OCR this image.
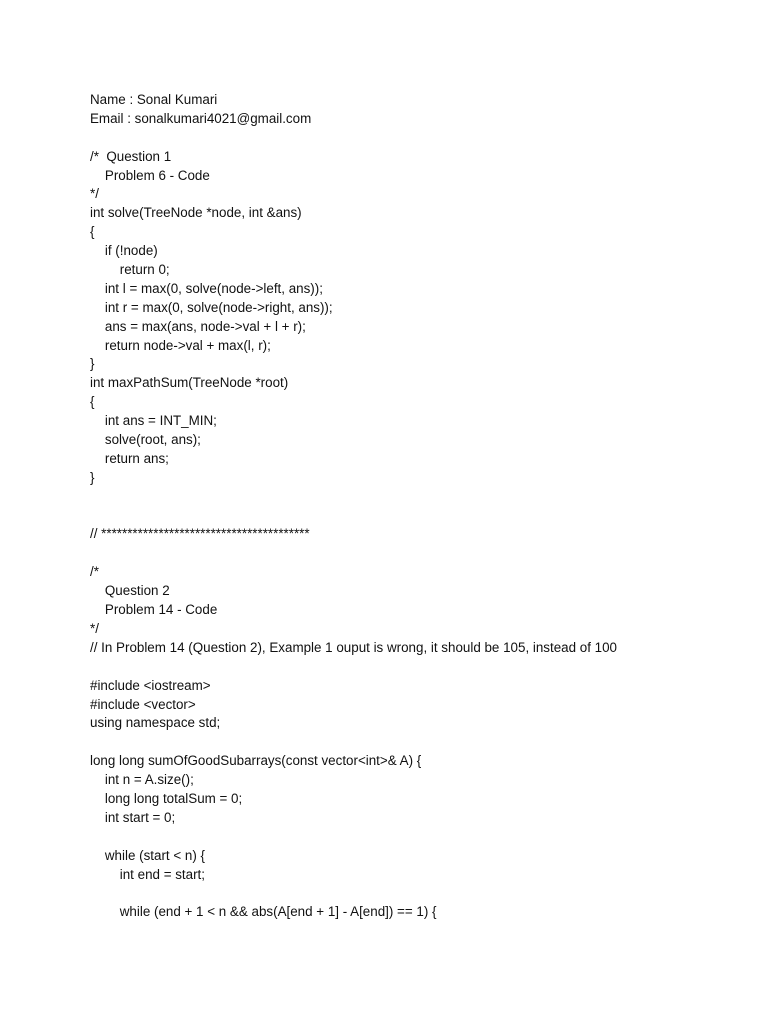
Name : Sonal Kumari
Email : sonalkumari4021@gmail.com
/*  Question 1
Problem 6 - Code
*/
int solve(TreeNode *node, int &ans)
{
if (!node)
return 0;
int l = max(0, solve(node->left, ans));
int r = max(0, solve(node->right, ans));
ans = max(ans, node->val + l + r);
return node->val + max(l, r);
}
int maxPathSum(TreeNode *root)
{
int ans = INT_MIN;
solve(root, ans);
return ans;
}
// ****************************************
/*
Question 2
Problem 14 - Code
*/
// In Problem 14 (Question 2), Example 1 ouput is wrong, it should be 105, instead of 100
#include <iostream>
#include <vector>
using namespace std;
long long sumOfGoodSubarrays(const vector<int>& A) {
int n = A.size();
long long totalSum = 0;
int start = 0;
while (start < n) {
int end = start;
while (end + 1 < n && abs(A[end + 1] - A[end]) == 1) {
